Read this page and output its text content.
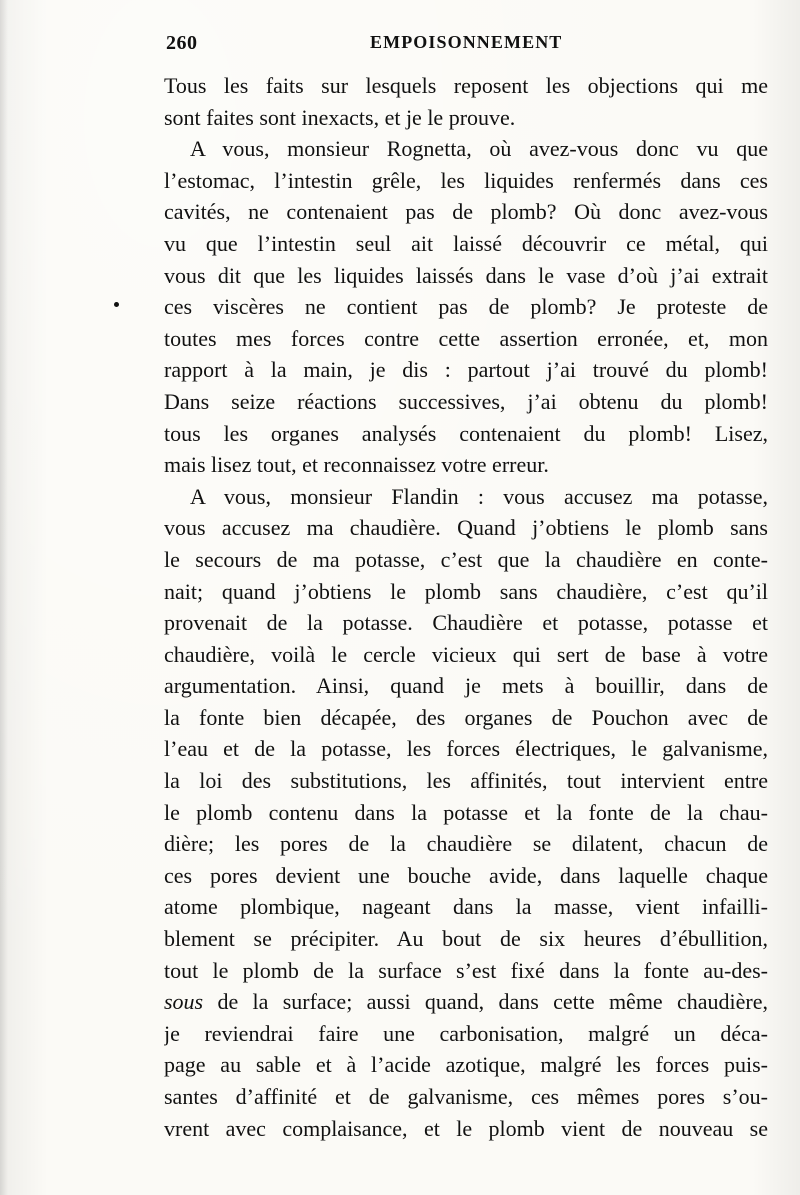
260	EMPOISONNEMENT
Tous les faits sur lesquels reposent les objections qui me
sont faites sont inexacts, et je le prouve.
A vous, monsieur Rognetta, où avez-vous donc vu que
l’estomac, l’intestin grêle, les liquides renfermés dans ces
cavités, ne contenaient pas de plomb? Où donc avez-vous
vu que l’intestin seul ait laissé découvrir ce métal, qui
vous dit que les liquides laissés dans le vase d’où j’ai extrait
ces viscères ne contient pas de plomb? Je proteste de
toutes mes forces contre cette assertion erronée, et, mon
rapport à la main, je dis : partout j’ai trouvé du plomb!
Dans seize réactions successives, j’ai obtenu du plomb!
tous les organes analysés contenaient du plomb! Lisez,
mais lisez tout, et reconnaissez votre erreur.
A vous, monsieur Flandin : vous accusez ma potasse,
vous accusez ma chaudière. Quand j’obtiens le plomb sans
le secours de ma potasse, c’est que la chaudière en conte-
nait; quand j’obtiens le plomb sans chaudière, c’est qu’il
provenait de la potasse. Chaudière et potasse, potasse et
chaudière, voilà le cercle vicieux qui sert de base à votre
argumentation. Ainsi, quand je mets à bouillir, dans de
la fonte bien décapée, des organes de Pouchon avec de
l’eau et de la potasse, les forces électriques, le galvanisme,
la loi des substitutions, les affinités, tout intervient entre
le plomb contenu dans la potasse et la fonte de la chau-
dière; les pores de la chaudière se dilatent, chacun de
ces pores devient une bouche avide, dans laquelle chaque
atome plombique, nageant dans la masse, vient infailli-
blement se précipiter. Au bout de six heures d’ébullition,
tout le plomb de la surface s’est fixé dans la fonte au-des-
sous de la surface; aussi quand, dans cette même chaudière,
je reviendrai faire une carbonisation, malgré un déca-
page au sable et à l’acide azotique, malgré les forces puis-
santes d’affinité et de galvanisme, ces mêmes pores s’ou-
vrent avec complaisance, et le plomb vient de nouveau se
